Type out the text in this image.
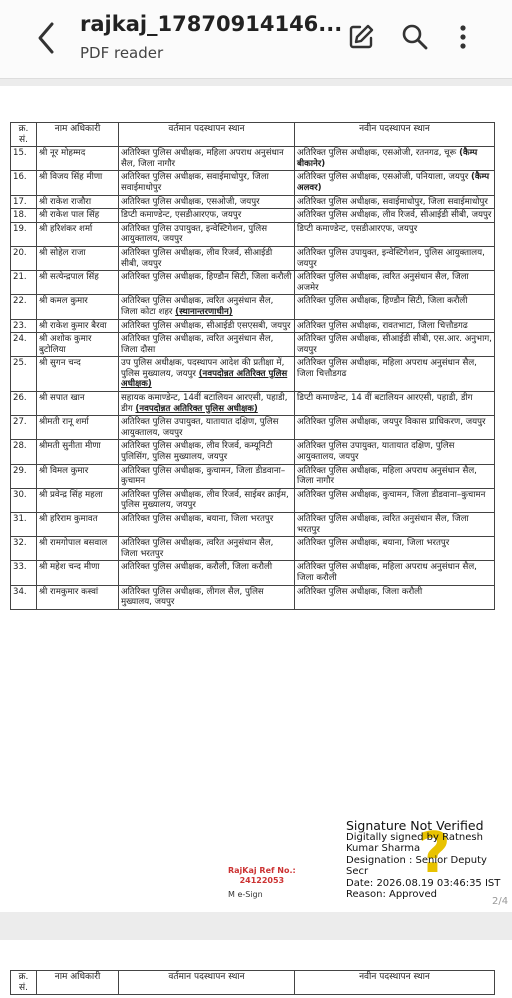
rajkaj_17870914146...
PDF reader
क्र. सं.	नाम अधिकारी	वर्तमान पदस्थापन स्थान	नवीन पदस्थापन स्थान
15.	श्री नूर मोहम्मद	अतिरिक्त पुलिस अधीक्षक, महिला अपराध अनुसंधान सैल, जिला नागौर	अतिरिक्त पुलिस अधीक्षक, एसओजी, रतनगढ, चूरू (कैम्प बीकानेर)
16.	श्री विजय सिंह मीणा	अतिरिक्त पुलिस अधीक्षक, सवाईमाधोपुर, जिला सवाईमाधोपुर	अतिरिक्त पुलिस अधीक्षक, एसओजी, पनियाला, जयपुर (कैम्प अलवर)
17.	श्री राकेश राजौरा	अतिरिक्त पुलिस अधीक्षक, एसओजी, जयपुर	अतिरिक्त पुलिस अधीक्षक, सवाईमाधोपुर, जिला सवाईमाधोपुर
18.	श्री राकेश पाल सिंह	डिप्टी कमाण्डेन्ट, एसडीआरएफ, जयपुर	अतिरिक्त पुलिस अधीक्षक, लीव रिजर्व, सीआईडी सीबी, जयपुर
19.	श्री हरिशंकर शर्मा	अतिरिक्त पुलिस उपायुक्त, इन्वेस्टिगेशन, पुलिस आयुक्तालय, जयपुर	डिप्टी कमाण्डेन्ट, एसडीआरएफ, जयपुर
20.	श्री सोहेल राजा	अतिरिक्त पुलिस अधीक्षक, लीव रिजर्व, सीआईडी सीबी, जयपुर	अतिरिक्त पुलिस उपायुक्त, इन्वेस्टिगेशन, पुलिस आयुक्तालय, जयपुर
21.	श्री सत्येन्द्रपाल सिंह	अतिरिक्त पुलिस अधीक्षक, हिण्डौन सिटी, जिला करौली	अतिरिक्त पुलिस अधीक्षक, त्वरित अनुसंधान सैल, जिला अजमेर
22.	श्री कमल कुमार	अतिरिक्त पुलिस अधीक्षक, त्वरित अनुसंधान सैल, जिला कोटा शहर (स्थानान्तरणाधीन)	अतिरिक्त पुलिस अधीक्षक, हिण्डौन सिटी, जिला करौली
23.	श्री राकेश कुमार बैरवा	अतिरिक्त पुलिस अधीक्षक, सीआईडी एसएसबी, जयपुर	अतिरिक्त पुलिस अधीक्षक, रावतभाटा, जिला चित्तौडगढ
24.	श्री अशोक कुमार बुटोलिया	अतिरिक्त पुलिस अधीक्षक, त्वरित अनुसंधान सैल, जिला दौसा	अतिरिक्त पुलिस अधीक्षक, सीआईडी सीबी, एस.आर. अनुभाग, जयपुर
25.	श्री सुगन चन्द	उप पुलिस अधीक्षक, पदस्थापन आदेश की प्रतीक्षा में, पुलिस मुख्यालय, जयपुर (नवपदोन्नत अतिरिक्त पुलिस अधीक्षक)	अतिरिक्त पुलिस अधीक्षक, महिला अपराध अनुसंधान सैल, जिला चित्तौडगढ
26.	श्री सपात खान	सहायक कमाण्डेन्ट, 14वीं बटालियन आरएसी, पहाडी, डीग (नवपदोन्नत अतिरिक्त पुलिस अधीक्षक)	डिप्टी कमाण्डेन्ट, 14 वीं बटालियन आरएसी, पहाडी, डीग
27.	श्रीमती रानू शर्मा	अतिरिक्त पुलिस उपायुक्त, यातायात दक्षिण, पुलिस आयुक्तालय, जयपुर	अतिरिक्त पुलिस अधीक्षक, जयपुर विकास प्राधिकरण, जयपुर
28.	श्रीमती सुनीता मीणा	अतिरिक्त पुलिस अधीक्षक, लीव रिजर्व, कम्यूनिटी पुलिसिंग, पुलिस मुख्यालय, जयपुर	अतिरिक्त पुलिस उपायुक्त, यातायात दक्षिण, पुलिस आयुक्तालय, जयपुर
29.	श्री विमल कुमार	अतिरिक्त पुलिस अधीक्षक, कुचामन, जिला डीडवाना–कुचामन	अतिरिक्त पुलिस अधीक्षक, महिला अपराध अनुसंधान सैल, जिला नागौर
30.	श्री प्रवेन्द्र सिंह महला	अतिरिक्त पुलिस अधीक्षक, लीव रिजर्व, साईबर क्राईम, पुलिस मुख्यालय, जयपुर	अतिरिक्त पुलिस अधीक्षक, कुचामन, जिला डीडवाना–कुचामन
31.	श्री हरिराम कुमावत	अतिरिक्त पुलिस अधीक्षक, बयाना, जिला भरतपुर	अतिरिक्त पुलिस अधीक्षक, त्वरित अनुसंधान सैल, जिला भरतपुर
32.	श्री रामगोपाल बसवाल	अतिरिक्त पुलिस अधीक्षक, त्वरित अनुसंधान सैल, जिला भरतपुर	अतिरिक्त पुलिस अधीक्षक, बयाना, जिला भरतपुर
33.	श्री महेश चन्द मीणा	अतिरिक्त पुलिस अधीक्षक, करौली, जिला करौली	अतिरिक्त पुलिस अधीक्षक, महिला अपराध अनुसंधान सैल, जिला करौली
34.	श्री रामकुमार कस्वां	अतिरिक्त पुलिस अधीक्षक, लीगल सैल, पुलिस मुख्यालय, जयपुर	अतिरिक्त पुलिस अधीक्षक, जिला करौली
RajKaj Ref No.:
24122053
M e-Sign
?
Signature Not Verified
Digitally signed by Ratnesh Kumar Sharma
Designation : Senior Deputy Secr
Date: 2026.08.19 03:46:35 IST
Reason: Approved
2/4
क्र. सं.	नाम अधिकारी	वर्तमान पदस्थापन स्थान	नवीन पदस्थापन स्थान
